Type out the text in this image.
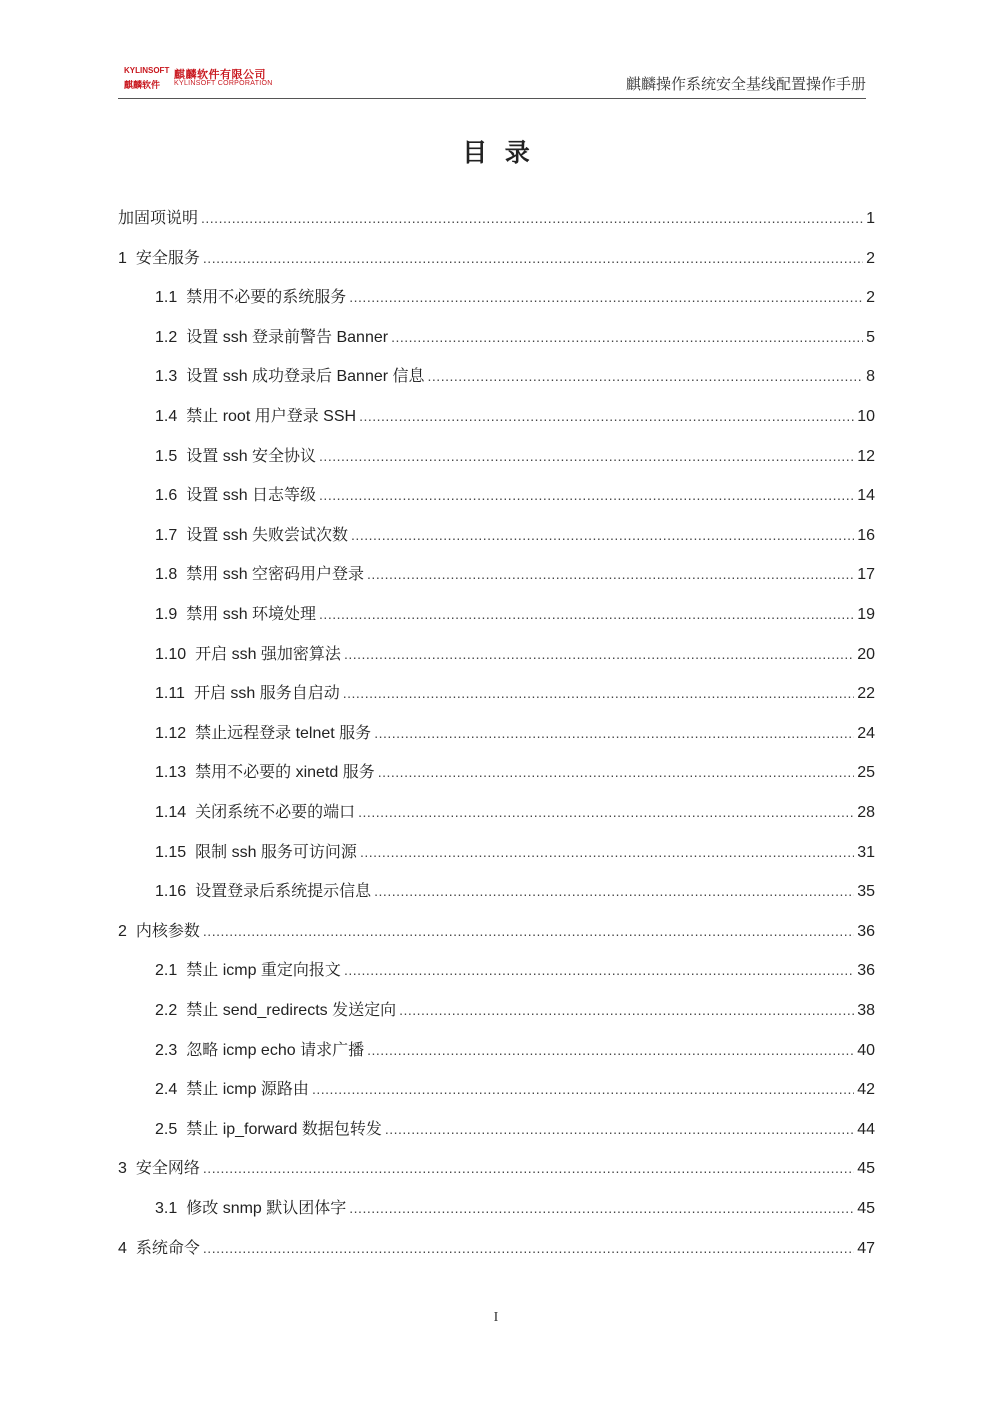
KYLINSOFT
麒麟软件
麒麟软件有限公司
KYLINSOFT CORPORATION	麒麟操作系统安全基线配置操作手册
目  录
加固项说明 .....	1
1 安全服务 .....	2
1.1 禁用不必要的系统服务 .....	2
1.2 设置 ssh 登录前警告 Banner .....	5
1.3 设置 ssh 成功登录后 Banner 信息 .....	8
1.4 禁止 root 用户登录 SSH .....	10
1.5 设置 ssh 安全协议 .....	12
1.6 设置 ssh 日志等级 .....	14
1.7 设置 ssh 失败尝试次数 .....	16
1.8 禁用 ssh 空密码用户登录 .....	17
1.9 禁用 ssh 环境处理 .....	19
1.10 开启 ssh 强加密算法 .....	20
1.11 开启 ssh 服务自启动 .....	22
1.12 禁止远程登录 telnet 服务 .....	24
1.13 禁用不必要的 xinetd 服务 .....	25
1.14 关闭系统不必要的端口 .....	28
1.15 限制 ssh 服务可访问源 .....	31
1.16 设置登录后系统提示信息 .....	35
2 内核参数 .....	36
2.1 禁止 icmp 重定向报文 .....	36
2.2 禁止 send_redirects 发送定向 .....	38
2.3 忽略 icmp echo 请求广播 .....	40
2.4 禁止 icmp 源路由 .....	42
2.5 禁止 ip_forward 数据包转发 .....	44
3 安全网络 .....	45
3.1 修改 snmp 默认团体字 .....	45
4 系统命令 .....	47
I
